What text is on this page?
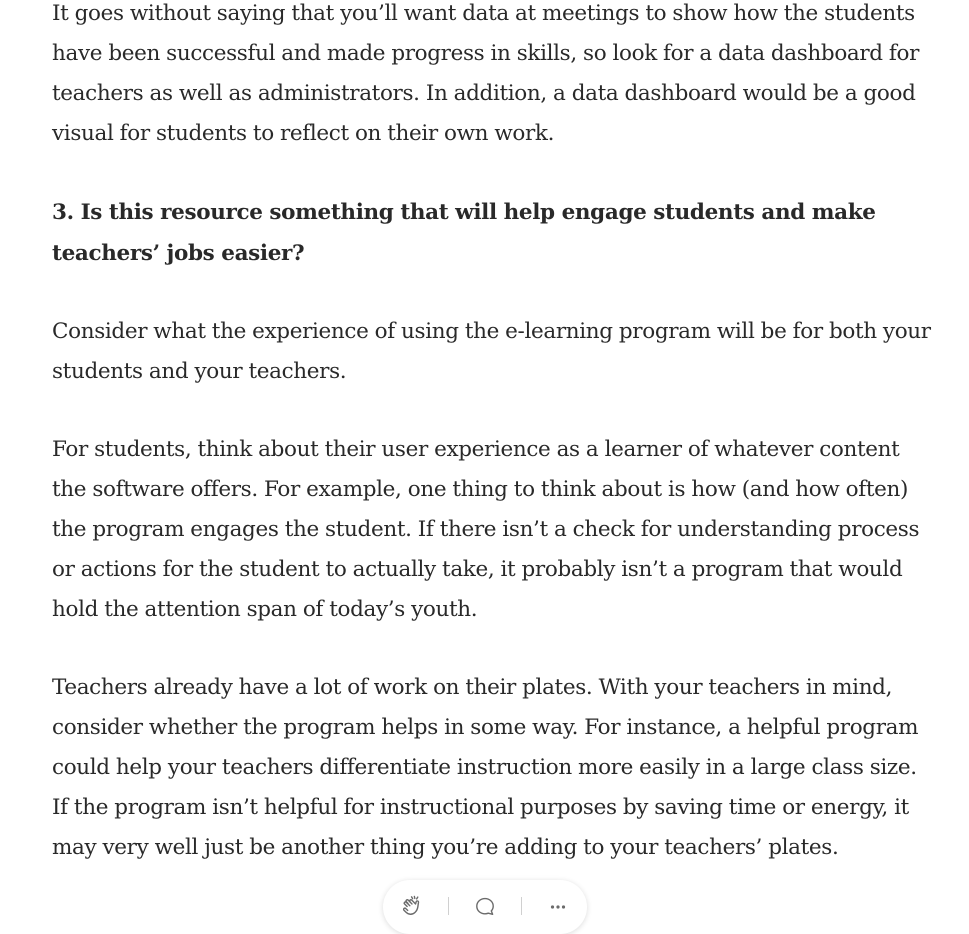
It goes without saying that you’ll want data at meetings to show how the students have been successful and made progress in skills, so look for a data dashboard for teachers as well as administrators. In addition, a data dashboard would be a good visual for students to reflect on their own work.

3. Is this resource something that will help engage students and make teachers’ jobs easier?

Consider what the experience of using the e-learning program will be for both your students and your teachers.

For students, think about their user experience as a learner of whatever content the software offers. For example, one thing to think about is how (and how often) the program engages the student. If there isn’t a check for understanding process or actions for the student to actually take, it probably isn’t a program that would hold the attention span of today’s youth.

Teachers already have a lot of work on their plates. With your teachers in mind, consider whether the program helps in some way. For instance, a helpful program could help your teachers differentiate instruction more easily in a large class size. If the program isn’t helpful for instructional purposes by saving time or energy, it may very well just be another thing you’re adding to your teachers’ plates.
